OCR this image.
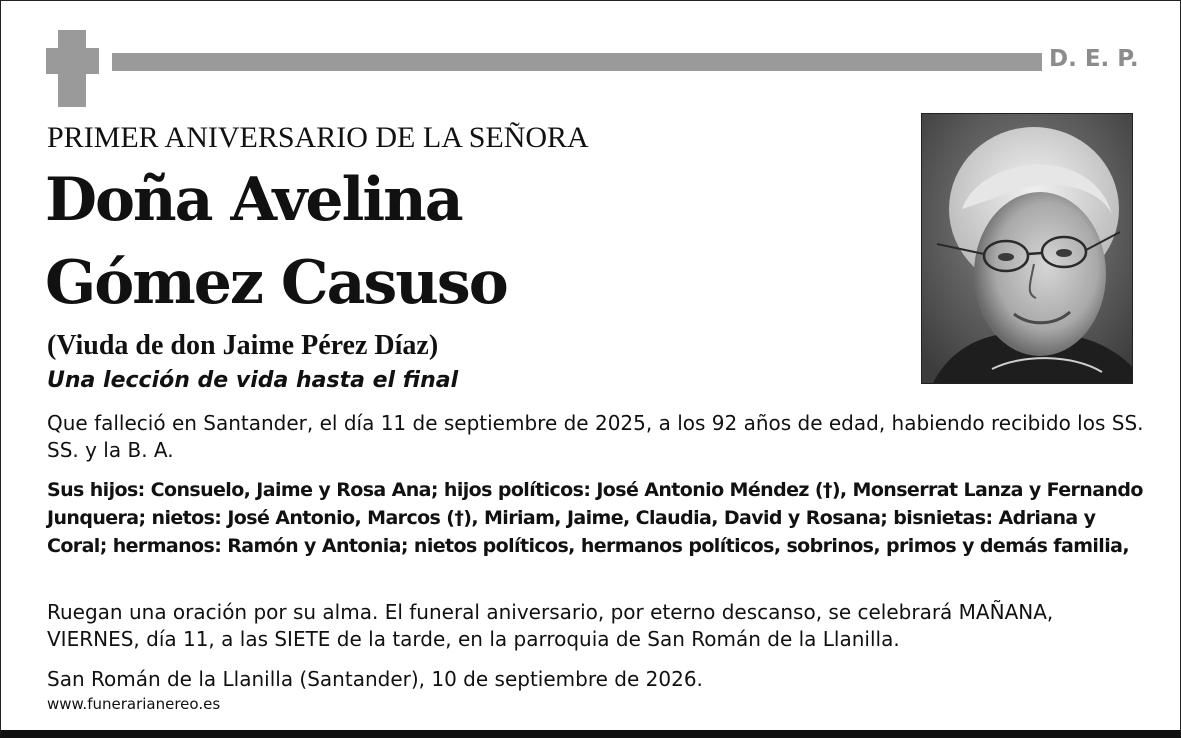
D. E. P.
PRIMER ANIVERSARIO DE LA SEÑORA
Doña Avelina
Gómez Casuso
(Viuda de don Jaime Pérez Díaz)
Una lección de vida hasta el final
Que falleció en Santander, el día 11 de septiembre de 2025, a los 92 años de edad, habiendo recibido los SS. SS. y la B. A.
Sus hijos: Consuelo, Jaime y Rosa Ana; hijos políticos: José Antonio Méndez (†), Monserrat Lanza y Fernando Junquera; nietos: José Antonio, Marcos (†), Miriam, Jaime, Claudia, David y Rosana; bisnietas: Adriana y Coral; hermanos: Ramón y Antonia; nietos políticos, hermanos políticos, sobrinos, primos y demás familia,
Ruegan una oración por su alma. El funeral aniversario, por eterno descanso, se celebrará MAÑANA, VIERNES, día 11, a las SIETE de la tarde, en la parroquia de San Román de la Llanilla.
San Román de la Llanilla (Santander), 10 de septiembre de 2026.
www.funerarianereo.es
